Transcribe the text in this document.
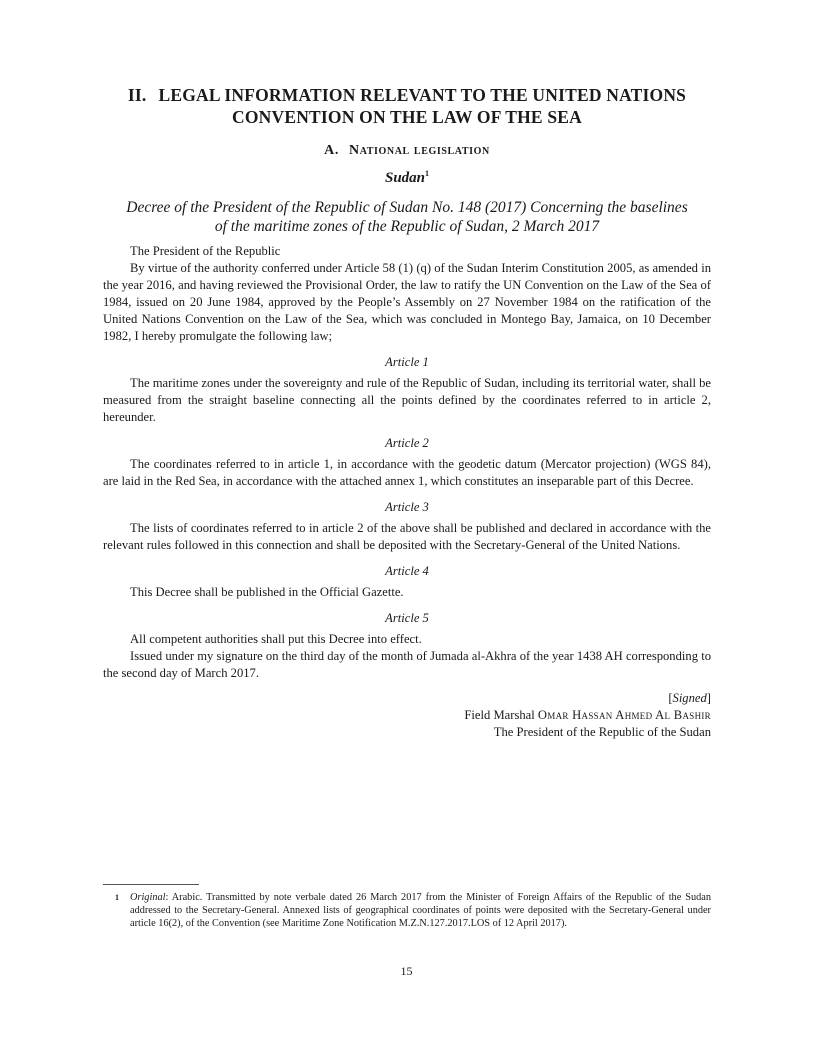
II. LEGAL INFORMATION RELEVANT TO THE UNITED NATIONS CONVENTION ON THE LAW OF THE SEA
A. National legislation
Sudan$^1$
Decree of the President of the Republic of Sudan No. 148 (2017) Concerning the baselines of the maritime zones of the Republic of Sudan, 2 March 2017

The President of the Republic

By virtue of the authority conferred under Article 58 (1) (q) of the Sudan Interim Constitution 2005, as amended in the year 2016, and having reviewed the Provisional Order, the law to ratify the UN Convention on the Law of the Sea of 1984, issued on 20 June 1984, approved by the People’s Assembly on 27 November 1984 on the ratification of the United Nations Convention on the Law of the Sea, which was concluded in Montego Bay, Jamaica, on 10 December 1982, I hereby promulgate the following law;

Article 1

The maritime zones under the sovereignty and rule of the Republic of Sudan, including its territorial water, shall be measured from the straight baseline connecting all the points defined by the coordinates referred to in article 2, hereunder.

Article 2

The coordinates referred to in article 1, in accordance with the geodetic datum (Mercator projection) (WGS 84), are laid in the Red Sea, in accordance with the attached annex 1, which constitutes an inseparable part of this Decree.

Article 3

The lists of coordinates referred to in article 2 of the above shall be published and declared in accordance with the relevant rules followed in this connection and shall be deposited with the Secretary-General of the United Nations.

Article 4

This Decree shall be published in the Official Gazette.

Article 5

All competent authorities shall put this Decree into effect.

Issued under my signature on the third day of the month of Jumada al-Akhra of the year 1438 AH corresponding to the second day of March 2017.

[Signed]
Field Marshal Omar Hassan Ahmed Al Bashir
The President of the Republic of the Sudan
1 Original: Arabic. Transmitted by note verbale dated 26 March 2017 from the Minister of Foreign Affairs of the Republic of the Sudan addressed to the Secretary-General. Annexed lists of geographical coordinates of points were deposited with the Secretary-General under article 16(2), of the Convention (see Maritime Zone Notification M.Z.N.127.2017.LOS of 12 April 2017).
15
